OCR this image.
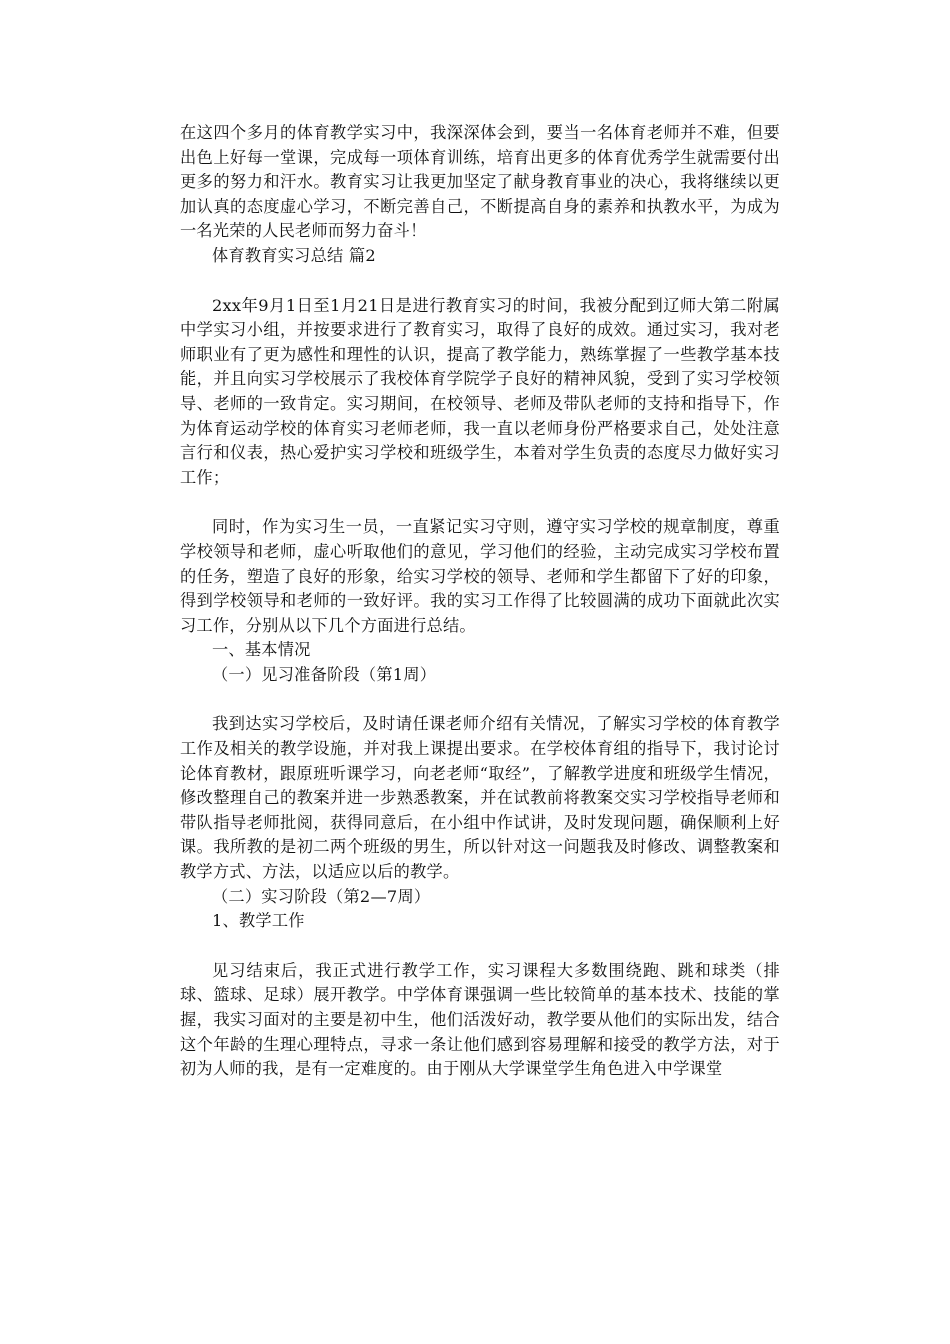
在这四个多月的体育教学实习中，我深深体会到，要当一名体育老师并不难，但要出色上好每一堂课，完成每一项体育训练，培育出更多的体育优秀学生就需要付出更多的努力和汗水。教育实习让我更加坚定了献身教育事业的决心，我将继续以更加认真的态度虚心学习，不断完善自己，不断提高自身的素养和执教水平，为成为一名光荣的人民老师而努力奋斗！

体育教育实习总结 篇2

2xx年9月1日至1月21日是进行教育实习的时间，我被分配到辽师大第二附属中学实习小组，并按要求进行了教育实习，取得了良好的成效。通过实习，我对老师职业有了更为感性和理性的认识，提高了教学能力，熟练掌握了一些教学基本技能，并且向实习学校展示了我校体育学院学子良好的精神风貌，受到了实习学校领导、老师的一致肯定。实习期间，在校领导、老师及带队老师的支持和指导下，作为体育运动学校的体育实习老师老师，我一直以老师身份严格要求自己，处处注意言行和仪表，热心爱护实习学校和班级学生，本着对学生负责的态度尽力做好实习工作；

同时，作为实习生一员，一直紧记实习守则，遵守实习学校的规章制度，尊重学校领导和老师，虚心听取他们的意见，学习他们的经验，主动完成实习学校布置的任务，塑造了良好的形象，给实习学校的领导、老师和学生都留下了好的印象，得到学校领导和老师的一致好评。我的实习工作得了比较圆满的成功下面就此次实习工作，分别从以下几个方面进行总结。

一、基本情况

（一）见习准备阶段（第1周）

我到达实习学校后，及时请任课老师介绍有关情况，了解实习学校的体育教学工作及相关的教学设施，并对我上课提出要求。在学校体育组的指导下，我讨论讨论体育教材，跟原班听课学习，向老老师“取经”，了解教学进度和班级学生情况，修改整理自己的教案并进一步熟悉教案，并在试教前将教案交实习学校指导老师和带队指导老师批阅，获得同意后，在小组中作试讲，及时发现问题，确保顺利上好课。我所教的是初二两个班级的男生，所以针对这一问题我及时修改、调整教案和教学方式、方法，以适应以后的教学。

（二）实习阶段（第2—7周）

1、教学工作

见习结束后，我正式进行教学工作，实习课程大多数围绕跑、跳和球类（排球、篮球、足球）展开教学。中学体育课强调一些比较简单的基本技术、技能的掌握，我实习面对的主要是初中生，他们活泼好动，教学要从他们的实际出发，结合这个年龄的生理心理特点，寻求一条让他们感到容易理解和接受的教学方法，对于初为人师的我，是有一定难度的。由于刚从大学课堂学生角色进入中学课堂
